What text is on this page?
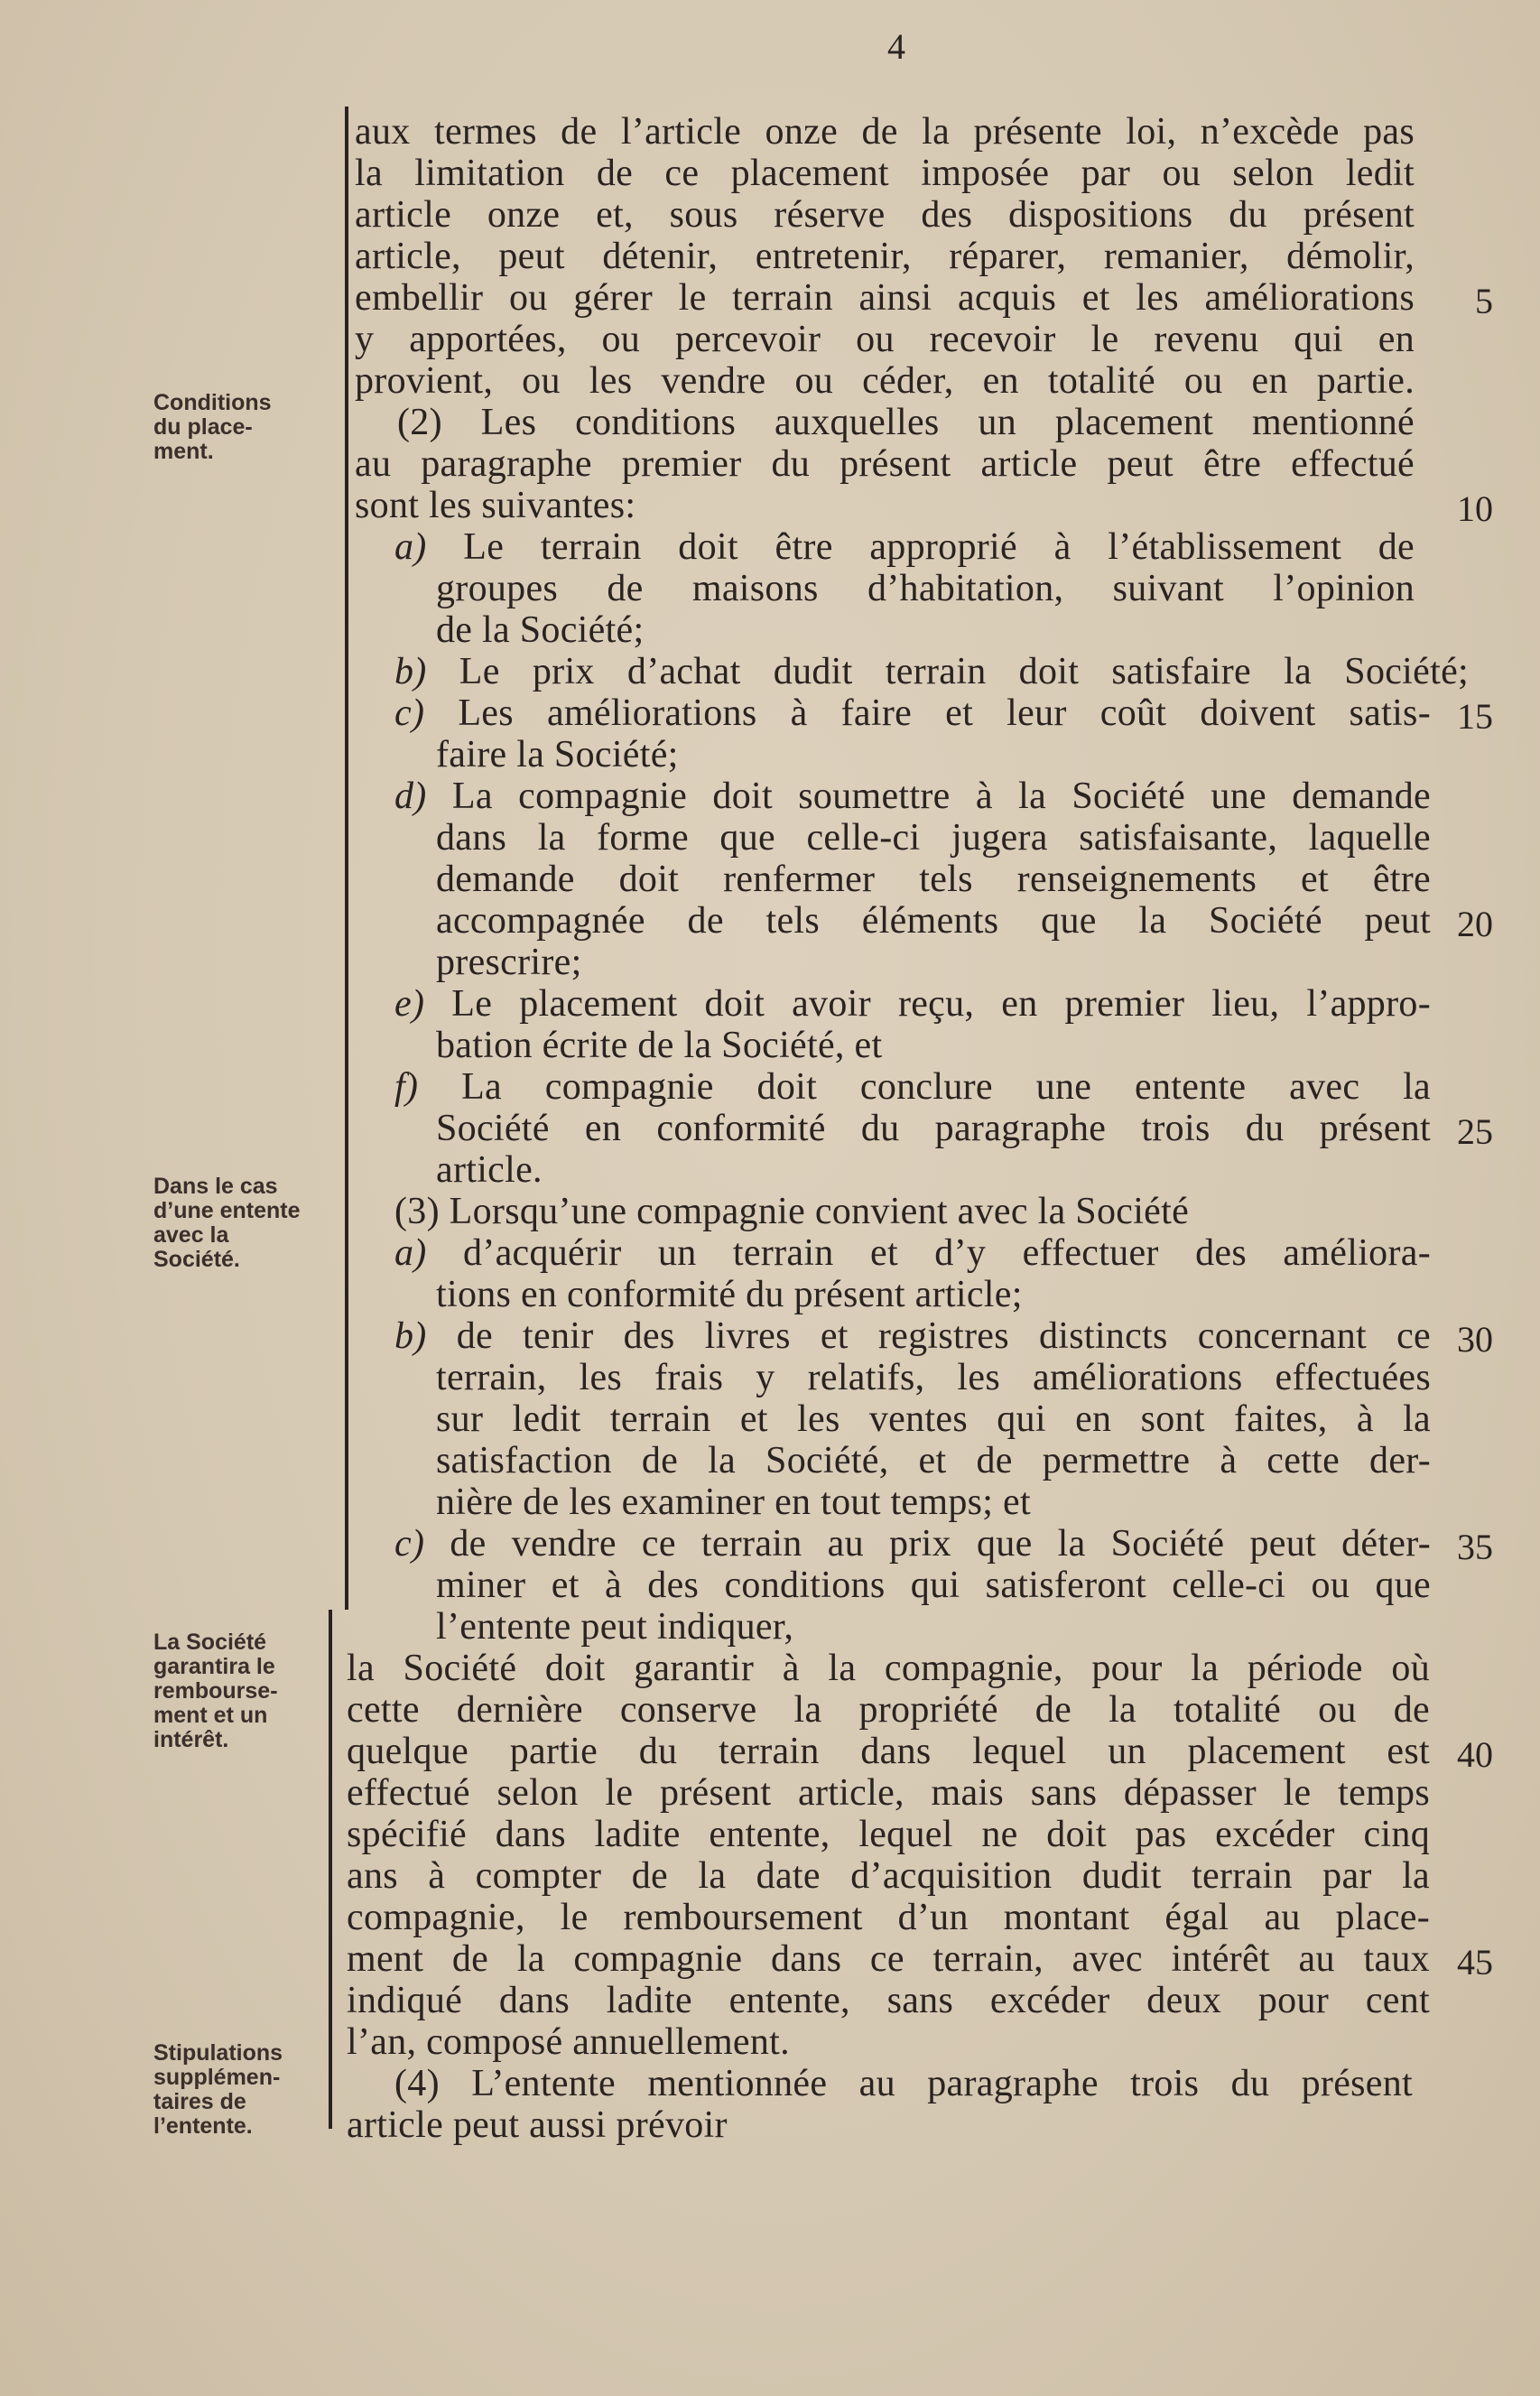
4
Conditions
du place-
ment.
Dans le cas
d’une entente
avec la
Société.
La Société
garantira le
rembourse-
ment et un
intérêt.
Stipulations
supplémen-
taires de
l’entente.
aux termes de l’article onze de la présente loi, n’excède pas
la limitation de ce placement imposée par ou selon ledit
article onze et, sous réserve des dispositions du présent
article, peut détenir, entretenir, réparer, remanier, démolir,
embellir ou gérer le terrain ainsi acquis et les améliorations
y apportées, ou percevoir ou recevoir le revenu qui en
provient, ou les vendre ou céder, en totalité ou en partie.
(2) Les conditions auxquelles un placement mentionné
au paragraphe premier du présent article peut être effectué
sont les suivantes:
a) Le terrain doit être approprié à l’établissement de
groupes de maisons d’habitation, suivant l’opinion
de la Société;
b) Le prix d’achat dudit terrain doit satisfaire la Société;
c) Les améliorations à faire et leur coût doivent satis-
faire la Société;
d) La compagnie doit soumettre à la Société une demande
dans la forme que celle-ci jugera satisfaisante, laquelle
demande doit renfermer tels renseignements et être
accompagnée de tels éléments que la Société peut
prescrire;
e) Le placement doit avoir reçu, en premier lieu, l’appro-
bation écrite de la Société, et
f) La compagnie doit conclure une entente avec la
Société en conformité du paragraphe trois du présent
article.
(3) Lorsqu’une compagnie convient avec la Société
a) d’acquérir un terrain et d’y effectuer des améliora-
tions en conformité du présent article;
b) de tenir des livres et registres distincts concernant ce
terrain, les frais y relatifs, les améliorations effectuées
sur ledit terrain et les ventes qui en sont faites, à la
satisfaction de la Société, et de permettre à cette der-
nière de les examiner en tout temps; et
c) de vendre ce terrain au prix que la Société peut déter-
miner et à des conditions qui satisferont celle-ci ou que
l’entente peut indiquer,
la Société doit garantir à la compagnie, pour la période où
cette dernière conserve la propriété de la totalité ou de
quelque partie du terrain dans lequel un placement est
effectué selon le présent article, mais sans dépasser le temps
spécifié dans ladite entente, lequel ne doit pas excéder cinq
ans à compter de la date d’acquisition dudit terrain par la
compagnie, le remboursement d’un montant égal au place-
ment de la compagnie dans ce terrain, avec intérêt au taux
indiqué dans ladite entente, sans excéder deux pour cent
l’an, composé annuellement.
(4) L’entente mentionnée au paragraphe trois du présent
article peut aussi prévoir
5
10
15
20
25
30
35
40
45
